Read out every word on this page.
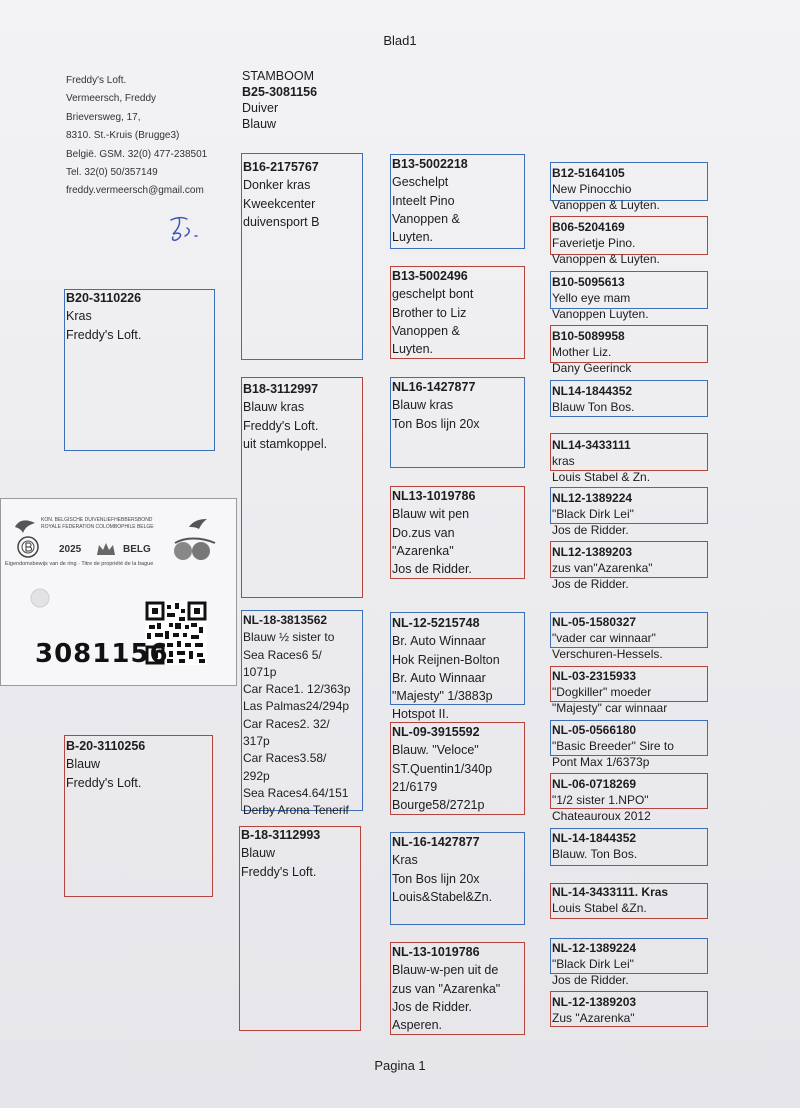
Blad1
Freddy's Loft.
Vermeersch, Freddy
Brieversweg, 17,
8310. St.-Kruis (Brugge3)
België. GSM. 32(0) 477-238501
Tel. 32(0) 50/357149
freddy.vermeersch@gmail.com
STAMBOOM
B25-3081156
Duiver
Blauw
B20-3110226
Kras
Freddy's Loft.
B-20-3110256
Blauw
Freddy's Loft.
B16-2175767
Donker kras
Kweekcenter
duivensport B
B18-3112997
Blauw kras
Freddy's Loft.
uit stamkoppel.
NL-18-3813562
Blauw ½ sister to
Sea Races6 5/
1071p
Car Race1. 12/363p
Las Palmas24/294p
Car Races2. 32/
317p
Car Races3.58/
292p
Sea Races4.64/151
Derby Arona Tenerif
B-18-3112993
Blauw
Freddy's Loft.
B13-5002218
Geschelpt
Inteelt Pino
Vanoppen &
Luyten.
B13-5002496
geschelpt bont
Brother to Liz
Vanoppen &
Luyten.
NL16-1427877
Blauw kras
Ton Bos lijn 20x
NL13-1019786
Blauw wit pen
Do.zus van
"Azarenka"
Jos de Ridder.
NL-12-5215748
Br. Auto Winnaar
Hok Reijnen-Bolton
Br. Auto Winnaar
"Majesty" 1/3883p
Hotspot II.
NL-09-3915592
Blauw. "Veloce"
ST.Quentin1/340p
21/6179
Bourge58/2721p
NL-16-1427877
Kras
Ton Bos lijn 20x
Louis&Stabel&Zn.
NL-13-1019786
Blauw-w-pen uit de
zus van "Azarenka"
Jos de Ridder.
Asperen.
B12-5164105
New Pinocchio
Vanoppen & Luyten.
B06-5204169
Faverietje Pino.
Vanoppen & Luyten.
B10-5095613
Yello eye mam
Vanoppen Luyten.
B10-5089958
Mother Liz.
Dany Geerinck
NL14-1844352
Blauw Ton Bos.
NL14-3433111
kras
Louis Stabel & Zn.
NL12-1389224
"Black Dirk Lei"
Jos de Ridder.
NL12-1389203
zus van"Azarenka"
Jos de Ridder.
NL-05-1580327
"vader car winnaar"
Verschuren-Hessels.
NL-03-2315933
"Dogkiller" moeder
"Majesty" car winnaar
NL-05-0566180
"Basic Breeder" Sire to
Pont Max 1/6373p
NL-06-0718269
"1/2 sister 1.NPO"
Chateauroux 2012
NL-14-1844352
Blauw. Ton Bos.
NL-14-3433111. Kras
Louis Stabel &Zn.
NL-12-1389224
"Black Dirk Lei"
Jos de Ridder.
NL-12-1389203
Zus "Azarenka"
KON. BELGISCHE DUIVENLIEFHEBBERSBOND
ROYALE FEDERATION COLOMBOPHILE BELGE
2025	BELG
Eigendomsbewijs van de ring · Titre de propriété de la bague
3081156
Pagina 1
